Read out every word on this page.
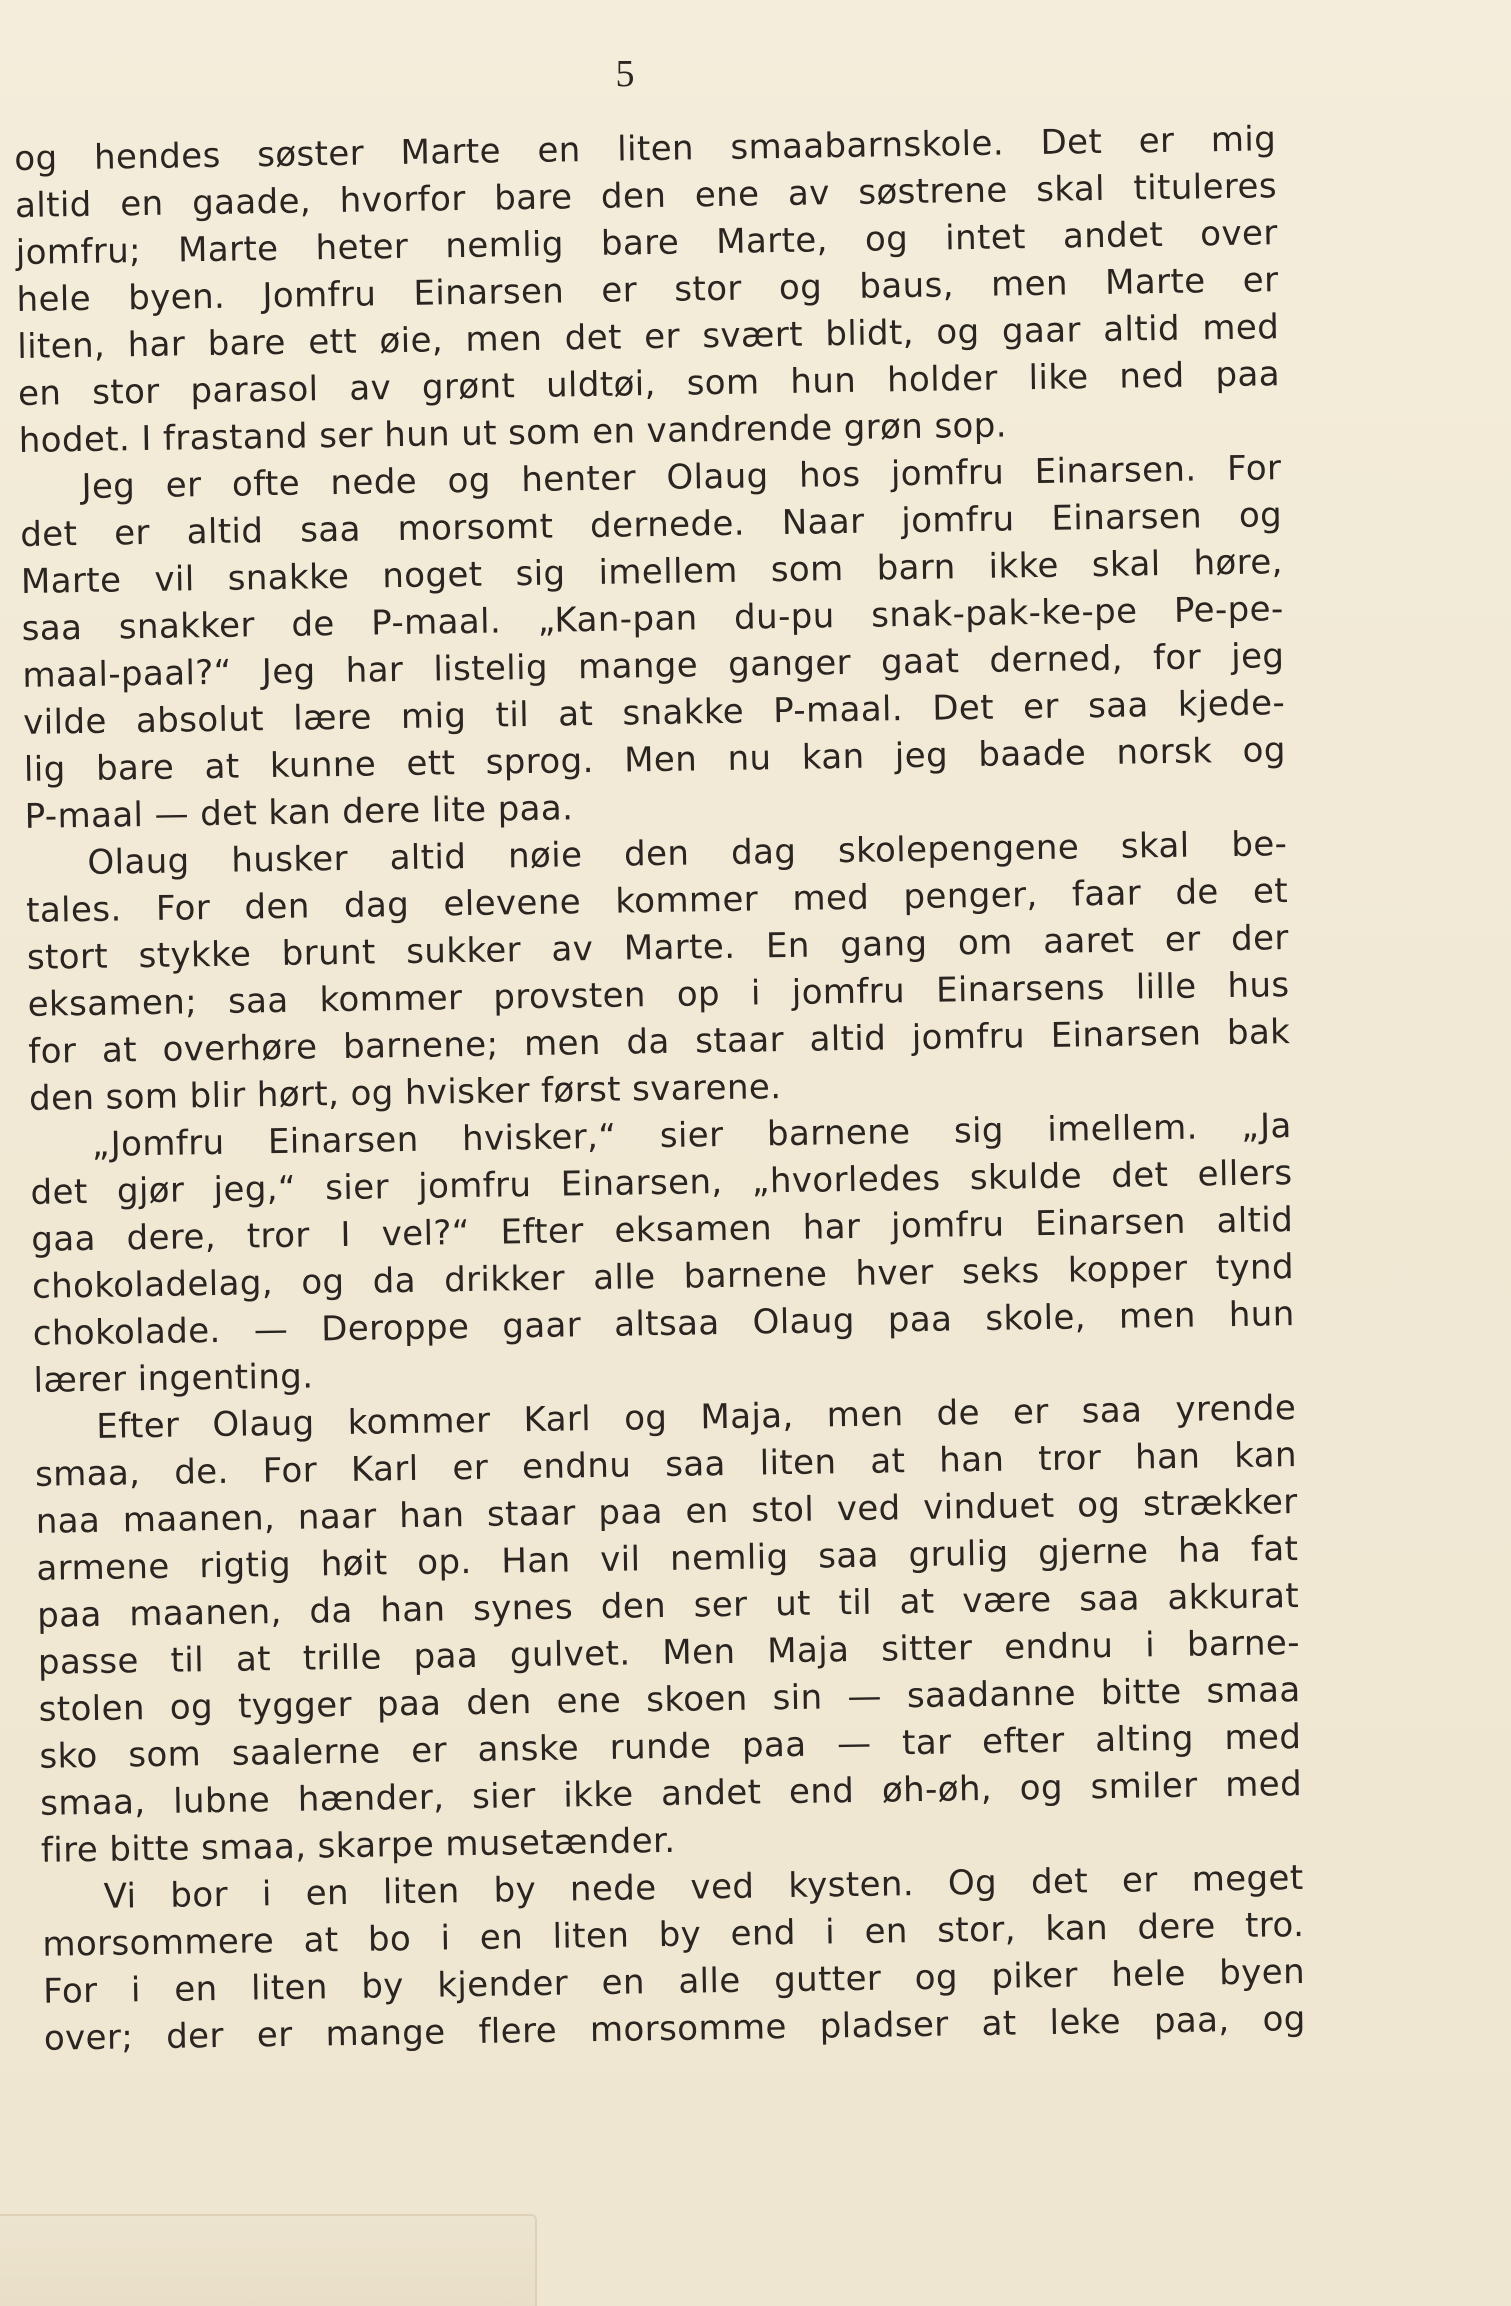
5
og hendes søster Marte en liten smaabarnskole. Det er mig
altid en gaade, hvorfor bare den ene av søstrene skal tituleres
jomfru; Marte heter nemlig bare Marte, og intet andet over
hele byen. Jomfru Einarsen er stor og baus, men Marte er
liten, har bare ett øie, men det er svært blidt, og gaar altid med
en stor parasol av grønt uldtøi, som hun holder like ned paa
hodet. I frastand ser hun ut som en vandrende grøn sop.
Jeg er ofte nede og henter Olaug hos jomfru Einarsen. For
det er altid saa morsomt dernede. Naar jomfru Einarsen og
Marte vil snakke noget sig imellem som barn ikke skal høre,
saa snakker de P-maal. „Kan-pan du-pu snak-pak-ke-pe Pe-pe-
maal-paal?“ Jeg har listelig mange ganger gaat derned, for jeg
vilde absolut lære mig til at snakke P-maal. Det er saa kjede-
lig bare at kunne ett sprog. Men nu kan jeg baade norsk og
P-maal — det kan dere lite paa.
Olaug husker altid nøie den dag skolepengene skal be-
tales. For den dag elevene kommer med penger, faar de et
stort stykke brunt sukker av Marte. En gang om aaret er der
eksamen; saa kommer provsten op i jomfru Einarsens lille hus
for at overhøre barnene; men da staar altid jomfru Einarsen bak
den som blir hørt, og hvisker først svarene.
„Jomfru Einarsen hvisker,“ sier barnene sig imellem. „Ja
det gjør jeg,“ sier jomfru Einarsen, „hvorledes skulde det ellers
gaa dere, tror I vel?“ Efter eksamen har jomfru Einarsen altid
chokoladelag, og da drikker alle barnene hver seks kopper tynd
chokolade. — Deroppe gaar altsaa Olaug paa skole, men hun
lærer ingenting.
Efter Olaug kommer Karl og Maja, men de er saa yrende
smaa, de. For Karl er endnu saa liten at han tror han kan
naa maanen, naar han staar paa en stol ved vinduet og strækker
armene rigtig høit op. Han vil nemlig saa grulig gjerne ha fat
paa maanen, da han synes den ser ut til at være saa akkurat
passe til at trille paa gulvet. Men Maja sitter endnu i barne-
stolen og tygger paa den ene skoen sin — saadanne bitte smaa
sko som saalerne er anske runde paa — tar efter alting med
smaa, lubne hænder, sier ikke andet end øh-øh, og smiler med
fire bitte smaa, skarpe musetænder.
Vi bor i en liten by nede ved kysten. Og det er meget
morsommere at bo i en liten by end i en stor, kan dere tro.
For i en liten by kjender en alle gutter og piker hele byen
over; der er mange flere morsomme pladser at leke paa, og
